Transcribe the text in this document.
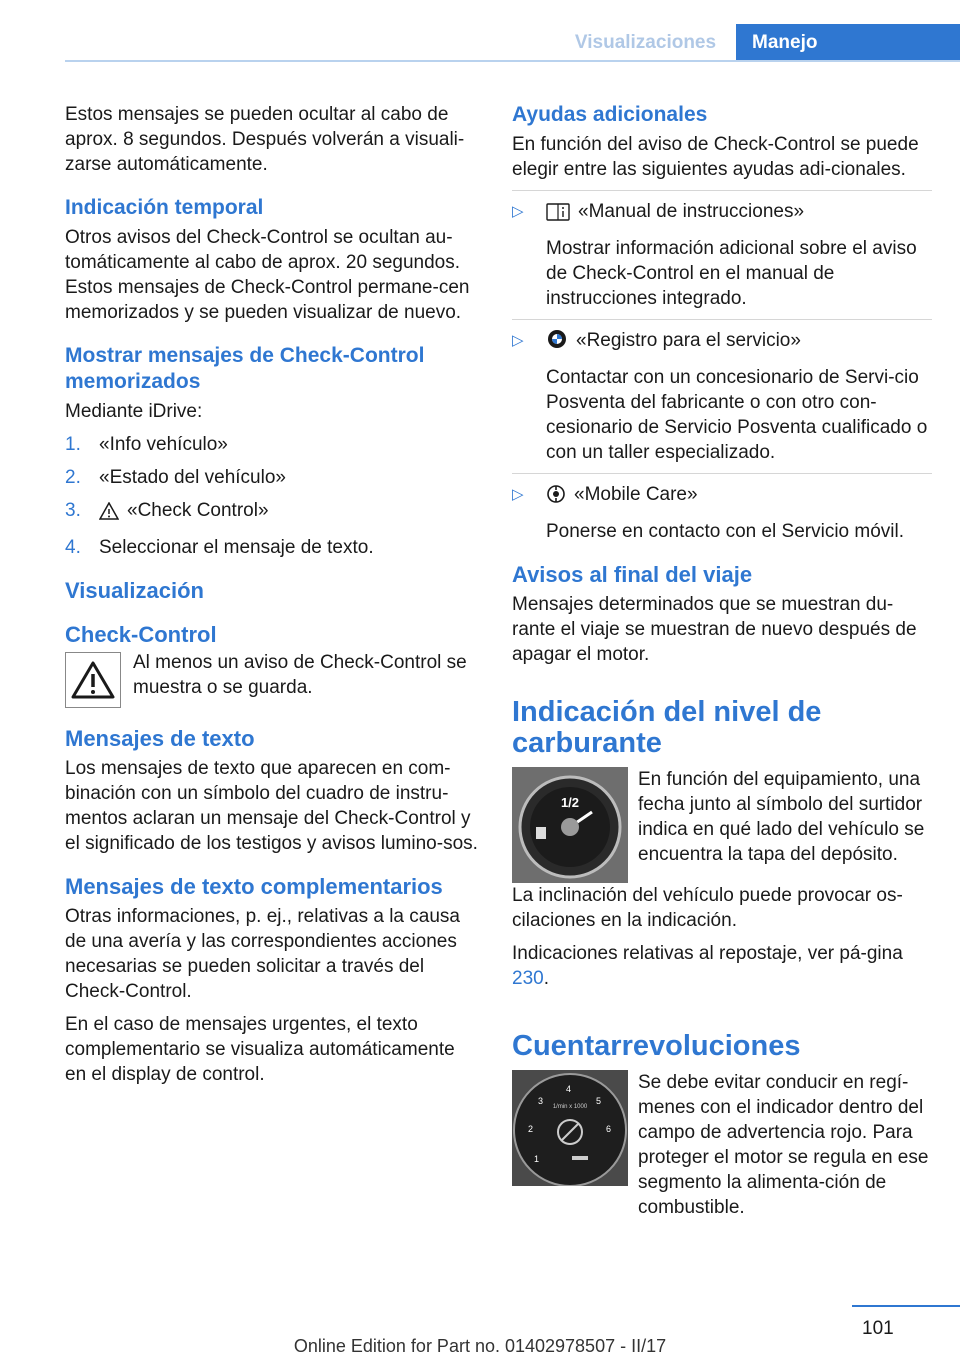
Visualizaciones	Manejo

Estos mensajes se pueden ocultar al cabo de aprox. 8 segundos. Después volverán a visuali‐zarse automáticamente.

Indicación temporal

Otros avisos del Check-Control se ocultan au‐tomáticamente al cabo de aprox. 20 segundos. Estos mensajes de Check-Control permane‐cen memorizados y se pueden visualizar de nuevo.

Mostrar mensajes de Check-Control memorizados

Mediante iDrive:

1. «Info vehículo»
2. «Estado del vehículo»
3. «Check Control»
4. Seleccionar el mensaje de texto.
Visualización
Check-Control

Al menos un aviso de Check-Control se muestra o se guarda.

Mensajes de texto

Los mensajes de texto que aparecen en com‐binación con un símbolo del cuadro de instru‐mentos aclaran un mensaje del Check-Control y el significado de los testigos y avisos lumino‐sos.

Mensajes de texto complementarios

Otras informaciones, p. ej., relativas a la causa de una avería y las correspondientes acciones necesarias se pueden solicitar a través del Check-Control.

En el caso de mensajes urgentes, el texto complementario se visualiza automáticamente en el display de control.

Ayudas adicionales

En función del aviso de Check-Control se puede elegir entre las siguientes ayudas adi‐cionales.

▷	«Manual de instrucciones»
Mostrar información adicional sobre el aviso de Check-Control en el manual de instrucciones integrado.
▷	«Registro para el servicio»
Contactar con un concesionario de Servi‐cio Posventa del fabricante o con otro con‐cesionario de Servicio Posventa cualificado o con un taller especializado.
▷	«Mobile Care»
Ponerse en contacto con el Servicio móvil.
Avisos al final del viaje

Mensajes determinados que se muestran du‐rante el viaje se muestran de nuevo después de apagar el motor.

Indicación del nivel de carburante
1/2

En función del equipamiento, una fecha junto al símbolo del surtidor indica en qué lado del vehículo se encuentra la tapa del depósito.

La inclinación del vehículo puede provocar os‐cilaciones en la indicación.

Indicaciones relativas al repostaje, ver pá‐gina 230.

Cuentarrevoluciones
1/min x 1000
1
2
3
4
5
6

Se debe evitar conducir en regí‐menes con el indicador dentro del campo de advertencia rojo. Para proteger el motor se regula en ese segmento la alimenta‐ción de combustible.

101
Online Edition for Part no. 01402978507 - II/17
